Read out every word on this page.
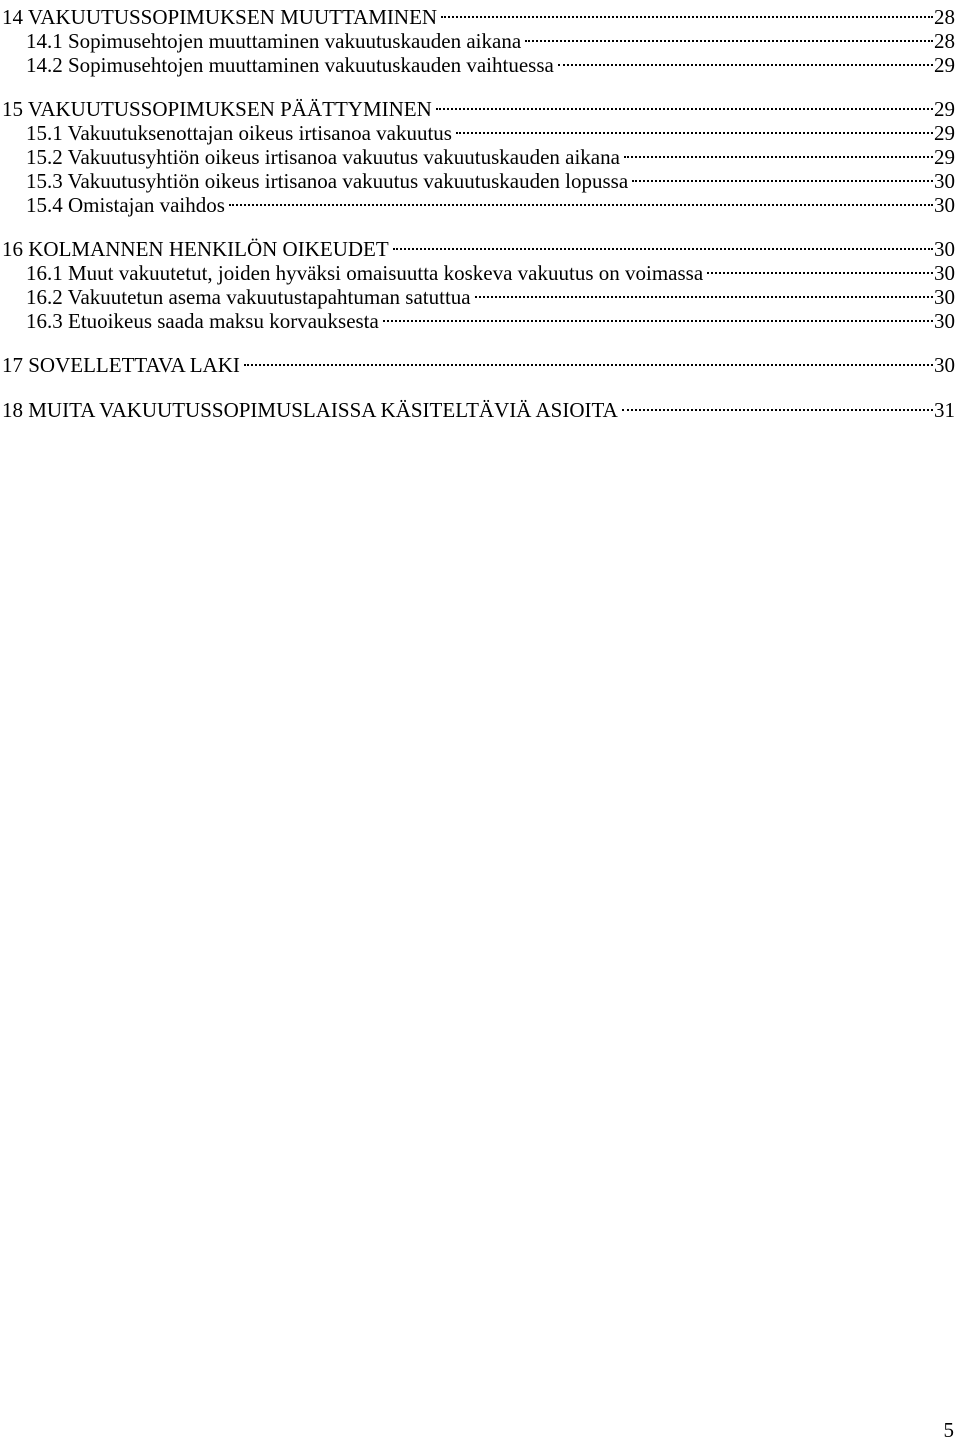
14 VAKUUTUSSOPIMUKSEN MUUTTAMINEN	28
14.1 Sopimusehtojen muuttaminen vakuutuskauden aikana	28
14.2 Sopimusehtojen muuttaminen vakuutuskauden vaihtuessa	29
15 VAKUUTUSSOPIMUKSEN PÄÄTTYMINEN	29
15.1 Vakuutuksenottajan oikeus irtisanoa vakuutus	29
15.2 Vakuutusyhtiön oikeus irtisanoa vakuutus vakuutuskauden aikana	29
15.3 Vakuutusyhtiön oikeus irtisanoa vakuutus vakuutuskauden lopussa	30
15.4 Omistajan vaihdos	30
16 KOLMANNEN HENKILÖN OIKEUDET	30
16.1 Muut vakuutetut, joiden hyväksi omaisuutta koskeva vakuutus on voimassa	30
16.2 Vakuutetun asema vakuutustapahtuman satuttua	30
16.3 Etuoikeus saada maksu korvauksesta	30
17 SOVELLETTAVA LAKI	30
18 MUITA VAKUUTUSSOPIMUSLAISSA KÄSITELTÄVIÄ ASIOITA	31
5
